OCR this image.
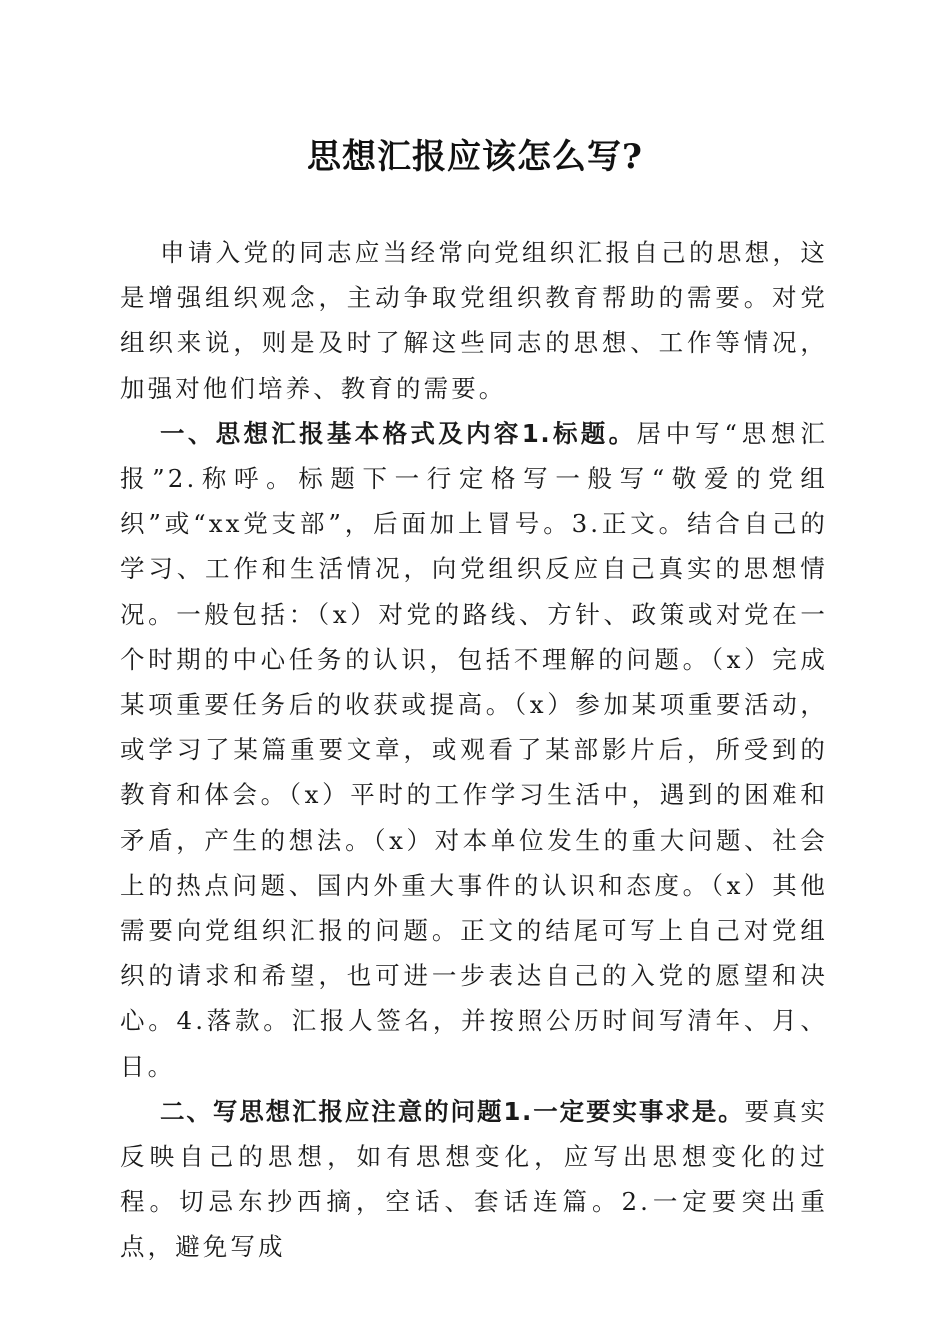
思想汇报应该怎么写?

申请入党的同志应当经常向党组织汇报自己的思想，这是增强组织观念，主动争取党组织教育帮助的需要。对党组织来说，则是及时了解这些同志的思想、工作等情况，加强对他们培养、教育的需要。

一、思想汇报基本格式及内容1.标题。居中写“思想汇报”2.称呼。标题下一行定格写一般写“敬爱的党组织”或“xx党支部”，后面加上冒号。3.正文。结合自己的学习、工作和生活情况，向党组织反应自己真实的思想情况。一般包括：（x）对党的路线、方针、政策或对党在一个时期的中心任务的认识，包括不理解的问题。（x）完成某项重要任务后的收获或提高。（x）参加某项重要活动，或学习了某篇重要文章，或观看了某部影片后，所受到的教育和体会。（x）平时的工作学习生活中，遇到的困难和矛盾，产生的想法。（x）对本单位发生的重大问题、社会上的热点问题、国内外重大事件的认识和态度。（x）其他需要向党组织汇报的问题。正文的结尾可写上自己对党组织的请求和希望，也可进一步表达自己的入党的愿望和决心。4.落款。汇报人签名，并按照公历时间写清年、月、日。

二、写思想汇报应注意的问题1.一定要实事求是。要真实反映自己的思想，如有思想变化，应写出思想变化的过程。切忌东抄西摘，空话、套话连篇。2.一定要突出重点，避免写成
